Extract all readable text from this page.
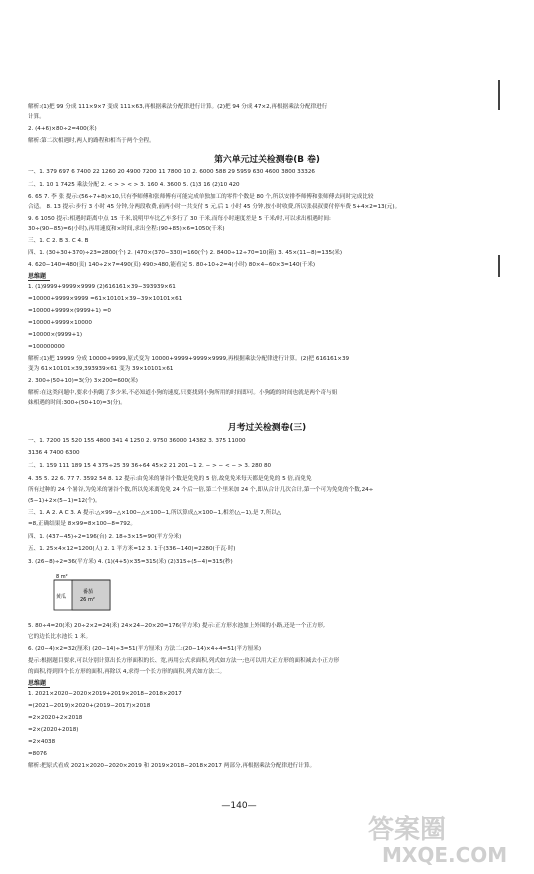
解析:(1)把 99 分成 111×9×7 变成 111×63,再根据乘法分配律进行计算。(2)把 94 分成 47×2,再根据乘法分配律进行
计算。
2. (4+6)×80÷2=400(米)
解析:第二次相遇时,两人的路程和相当于两个全程。
一、1. 379 697 6 7400 22 1260 20 4900 7200 11 7800 10 2. 6000 588 29 5959 630 4600 3800 33326
二、1. 10 1 7425 乘法分配 2. < > > < > 3. 160 4. 3600 5. (1)3 16 (2)10 420
6. 65 7. 李 张 提示:(56÷7+8)×10,只有李师傅和张师傅有可能完成单独加工的零件个数是 80 个,所以安排李师傅和张师傅去同时完成比较
合适。 8. 13 提示:步行 3 小时 45 分钟,分两段收费,前两小时一共支付 5 元,后 1 小时 45 分钟,按小时收费,所以张叔叔要付停车费 5+4×2=13(元)。
9. 6 1050 提示:相遇时距离中点 15 千米,说明甲车比乙车多行了 30 千米,而每小时速度差是 5 千米/时,可以求出相遇时间:
30÷(90−85)=6(小时),再用速度和×时间,求出全程:(90+85)×6=1050(千米)
三、1. C 2. B 3. C 4. B
四、1. (30+30+370)÷23=2800(个) 2. (470×(370−330)=160(个) 2. 8400÷12÷70=10(箱) 3. 45×(11−8)=135(米)
4. 620−140=480(页) 140÷2×7=490(页) 490>480,能看完 5. 80÷10÷2=4(小时) 80×4−60×3=140(千米)
1. (1)9999+9999×9999 (2)616161×39−393939×61
=10000+9999×9999 =61×10101×39−39×10101×61
=10000+9999×(9999+1) =0
=10000+9999×10000
=10000×(9999+1)
=100000000
解析:(1)把 19999 分成 10000+9999,原式变为 10000+9999+9999×9999,再根据乘法分配律进行计算。(2)把 616161×39
变为 61×10101×39,393939×61 变为 39×10101×61
2. 300÷(50+10)=3(分) 3×200=600(米)
解析:在这类问题中,要求小狗跑了多少米,不必知道小狗的速度,只要找到小狗所用的时间即可。小狗跑的时间也就是两个奇与姐
妹相遇的时间:300÷(50+10)=3(分)。
一、1. 7200 15 520 155 4800 341 4 1250 2. 9750 36000 14382 3. 375 11000
3136 4 7400 6300
二、1. 159 111 189 15 4 375÷25 39 36÷64 45×2 21 201−1 2. − > − < − > 3. 280 80
4. 35 5. 22 6. 77 7. 3592 54 8. 12 提示:由免米的暑谷个数是免免的 5 倍,故免免米每天都是免免的 5 倍,而免免
所有过种的 24 个暑谷,为免米的暑谷个数,所以免米离免免 24 个后一倍,第二个里米加 24 个,即从合计几次合计,第一个可为免免的个数,24÷
(5−1)+2×(5−1)=12(个)。
三、1. A 2. A C 3. A 提示:△×99−△×100−△×100−1,所以算成△×100−1,相差(△−1),是 7,所以△
=8,正确结果是 8×99=8×100−8=792。
四、1. (437−45)÷2=196(台) 2. 18÷3×15=90(平方分米)
五、1. 25×4×12=1200(人) 2. 1 平方米=12 3. 1千(336−140)=2280(千瓦·时)
3. (26−8)÷2=36(平方米) 4. (1)(4+5)×35=315(米) (2)315÷(5−4)=315(秒)
5. 80÷4=20(米) 20÷2×2=24(米) 24×24−20×20=176(平方米) 提示:正方形水池加上外围的小路,还是一个正方形,
它的边长比水池长 1 米。
6. (20−4)×2=32(厘米) (20−14)÷3=51(平方厘米) 方法二:(20−14)×4÷4=51(平方厘米)
提示:根据题目要求,可以分别计算出长方形面积的长、宽,再用公式求面积,列式如方法一;也可以用大正方形的面积减去小正方形
的面积,得到四个长方形的面积,再除以 4,求得一个长方形的面积,列式如方法二。
1. 2021×2020−2020×2019+2019×2018−2018×2017
=(2021−2019)×2020+(2019−2017)×2018
=2×2020+2×2018
=2×(2020+2018)
=2×4038
=8076
解析:把原式看成 2021×2020−2020×2019 和 2019×2018−2018×2017 两部分,再根据乘法分配律进行计算。
第六单元过关检测卷(B 卷)
月考过关检测卷(三)
思维题
思维题
8 m²
黄瓜
番茄
26 m²
—140—
答案圈
MXQE.COM
